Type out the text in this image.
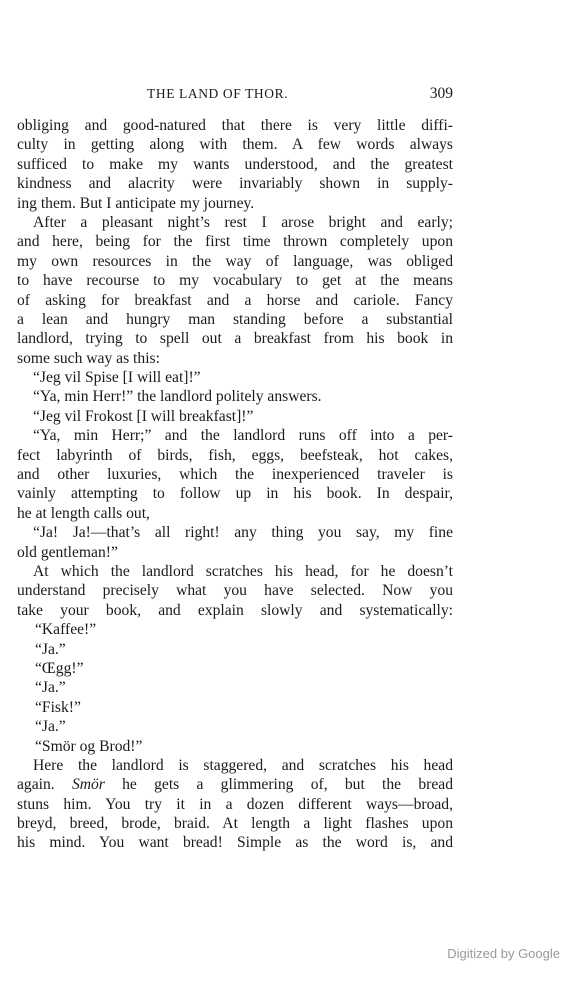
THE LAND OF THOR.	309
obliging and good-natured that there is very little diffi-
culty in getting along with them. A few words always
sufficed to make my wants understood, and the greatest
kindness and alacrity were invariably shown in supply-
ing them. But I anticipate my journey.
After a pleasant night’s rest I arose bright and early;
and here, being for the first time thrown completely upon
my own resources in the way of language, was obliged
to have recourse to my vocabulary to get at the means
of asking for breakfast and a horse and cariole. Fancy
a lean and hungry man standing before a substantial
landlord, trying to spell out a breakfast from his book in
some such way as this:
“Jeg vil Spise [I will eat]!”
“Ya, min Herr!” the landlord politely answers.
“Jeg vil Frokost [I will breakfast]!”
“Ya, min Herr;” and the landlord runs off into a per-
fect labyrinth of birds, fish, eggs, beefsteak, hot cakes,
and other luxuries, which the inexperienced traveler is
vainly attempting to follow up in his book. In despair,
he at length calls out,
“Ja! Ja!—that’s all right! any thing you say, my fine
old gentleman!”
At which the landlord scratches his head, for he doesn’t
understand precisely what you have selected. Now you
take your book, and explain slowly and systematically:
“Kaffee!”
“Ja.”
“Œgg!”
“Ja.”
“Fisk!”
“Ja.”
“Smör og Brod!”
Here the landlord is staggered, and scratches his head
again. Smör he gets a glimmering of, but the bread
stuns him. You try it in a dozen different ways—broad,
breyd, breed, brode, braid. At length a light flashes upon
his mind. You want bread! Simple as the word is, and
Digitized by Google
